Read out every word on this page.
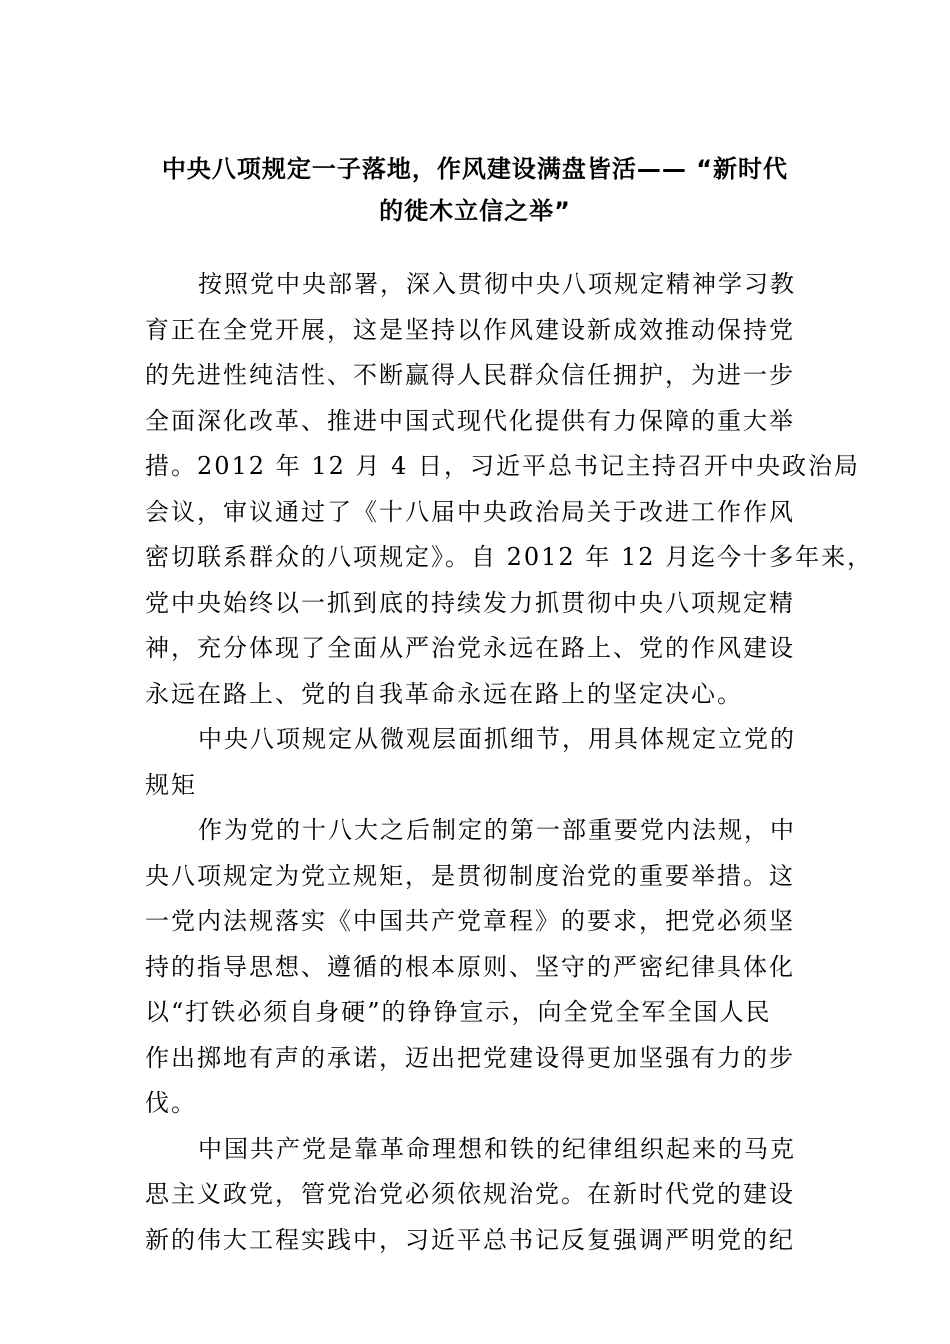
中央八项规定一子落地，作风建设满盘皆活—— “新时代
的徙木立信之举”
按照党中央部署，深入贯彻中央八项规定精神学习教
育正在全党开展，这是坚持以作风建设新成效推动保持党
的先进性纯洁性、不断赢得人民群众信任拥护，为进一步
全面深化改革、推进中国式现代化提供有力保障的重大举
措。2012 年 12 月 4 日，习近平总书记主持召开中央政治局
会议，审议通过了《十八届中央政治局关于改进工作作风
密切联系群众的八项规定》。自 2012 年 12 月迄今十多年来，
党中央始终以一抓到底的持续发力抓贯彻中央八项规定精
神，充分体现了全面从严治党永远在路上、党的作风建设
永远在路上、党的自我革命永远在路上的坚定决心。
中央八项规定从微观层面抓细节，用具体规定立党的
规矩
作为党的十八大之后制定的第一部重要党内法规，中
央八项规定为党立规矩，是贯彻制度治党的重要举措。这
一党内法规落实《中国共产党章程》的要求，把党必须坚
持的指导思想、遵循的根本原则、坚守的严密纪律具体化
以“打铁必须自身硬”的铮铮宣示，向全党全军全国人民
作出掷地有声的承诺，迈出把党建设得更加坚强有力的步
伐。
中国共产党是靠革命理想和铁的纪律组织起来的马克
思主义政党，管党治党必须依规治党。在新时代党的建设
新的伟大工程实践中，习近平总书记反复强调严明党的纪
